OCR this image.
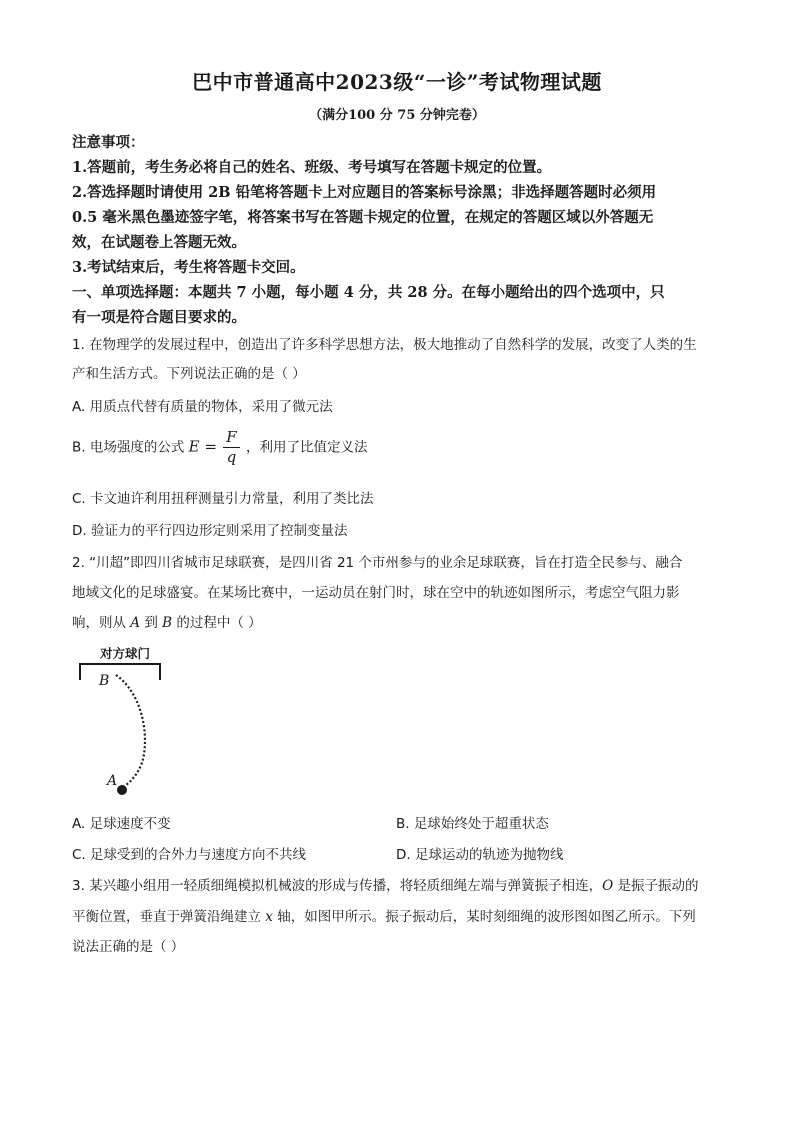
巴中市普通高中2023级“一诊”考试物理试题
（满分100 分 75 分钟完卷）
注意事项：
1.答题前，考生务必将自己的姓名、班级、考号填写在答题卡规定的位置。
2.答选择题时请使用 2B 铅笔将答题卡上对应题目的答案标号涂黑；非选择题答题时必须用
0.5 毫米黑色墨迹签字笔，将答案书写在答题卡规定的位置，在规定的答题区域以外答题无
效，在试题卷上答题无效。
3.考试结束后，考生将答题卡交回。
一、单项选择题：本题共 7 小题，每小题 4 分，共 28 分。在每小题给出的四个选项中，只
有一项是符合题目要求的。
1. 在物理学的发展过程中，创造出了许多科学思想方法，极大地推动了自然科学的发展，改变了人类的生
产和生活方式。下列说法正确的是（ ）
A. 用质点代替有质量的物体，采用了微元法
B. 电场强度的公式 $E = \frac{F}{q}$ ，利用了比值定义法
C. 卡文迪许利用扭秤测量引力常量，利用了类比法
D. 验证力的平行四边形定则采用了控制变量法
2. “川超”即四川省城市足球联赛，是四川省 21 个市州参与的业余足球联赛，旨在打造全民参与、融合
地域文化的足球盛宴。在某场比赛中，一运动员在射门时，球在空中的轨迹如图所示，考虑空气阻力影
响，则从 A 到 B 的过程中（ ）
对方球门
B
A
A. 足球速度不变	B. 足球始终处于超重状态
C. 足球受到的合外力与速度方向不共线	D. 足球运动的轨迹为抛物线
3. 某兴趣小组用一轻质细绳模拟机械波的形成与传播，将轻质细绳左端与弹簧振子相连，O 是振子振动的
平衡位置，垂直于弹簧沿绳建立 x 轴，如图甲所示。振子振动后，某时刻细绳的波形图如图乙所示。下列
说法正确的是（ ）
